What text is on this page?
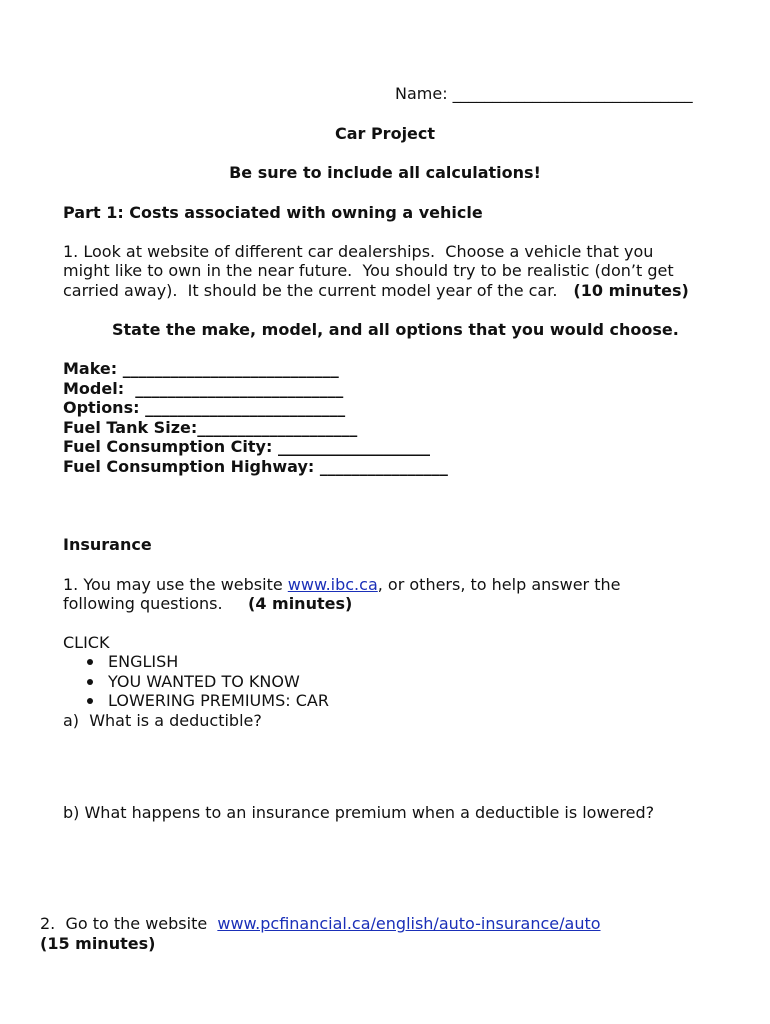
Name: ______________________________
Car Project
Be sure to include all calculations!
Part 1: Costs associated with owning a vehicle
1. Look at website of different car dealerships.  Choose a vehicle that you
might like to own in the near future.  You should try to be realistic (don’t get
carried away).  It should be the current model year of the car. (10 minutes)
State the make, model, and all options that you would choose.
Make: ___________________________
Model:  __________________________
Options: _________________________
Fuel Tank Size:____________________
Fuel Consumption City: ___________________
Fuel Consumption Highway: ________________
Insurance
1. You may use the website www.ibc.ca, or others, to help answer the
following questions.     (4 minutes)
CLICK
ENGLISH
YOU WANTED TO KNOW
LOWERING PREMIUMS: CAR
a)  What is a deductible?
b) What happens to an insurance premium when a deductible is lowered?
2.  Go to the website  www.pcfinancial.ca/english/auto-insurance/auto
(15 minutes)
